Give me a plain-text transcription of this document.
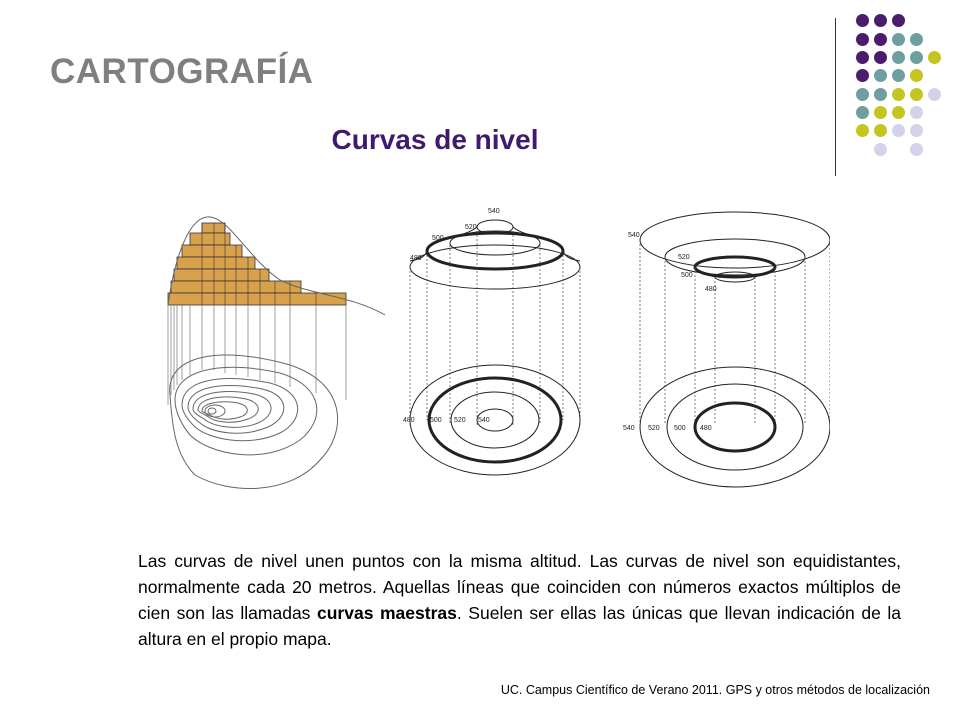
CARTOGRAFÍA
Curvas de nivel
540
520
500
480
540
520
500
480
540
520
500
480
540 520 500 480
Las curvas de nivel unen puntos con la misma altitud. Las curvas de nivel son equidistantes, normalmente cada 20 metros. Aquellas líneas que coinciden con números exactos múltiplos de cien son las llamadas curvas maestras. Suelen ser ellas las únicas que llevan indicación de la altura en el propio mapa.
UC. Campus Científico de Verano 2011. GPS y otros métodos de localización
